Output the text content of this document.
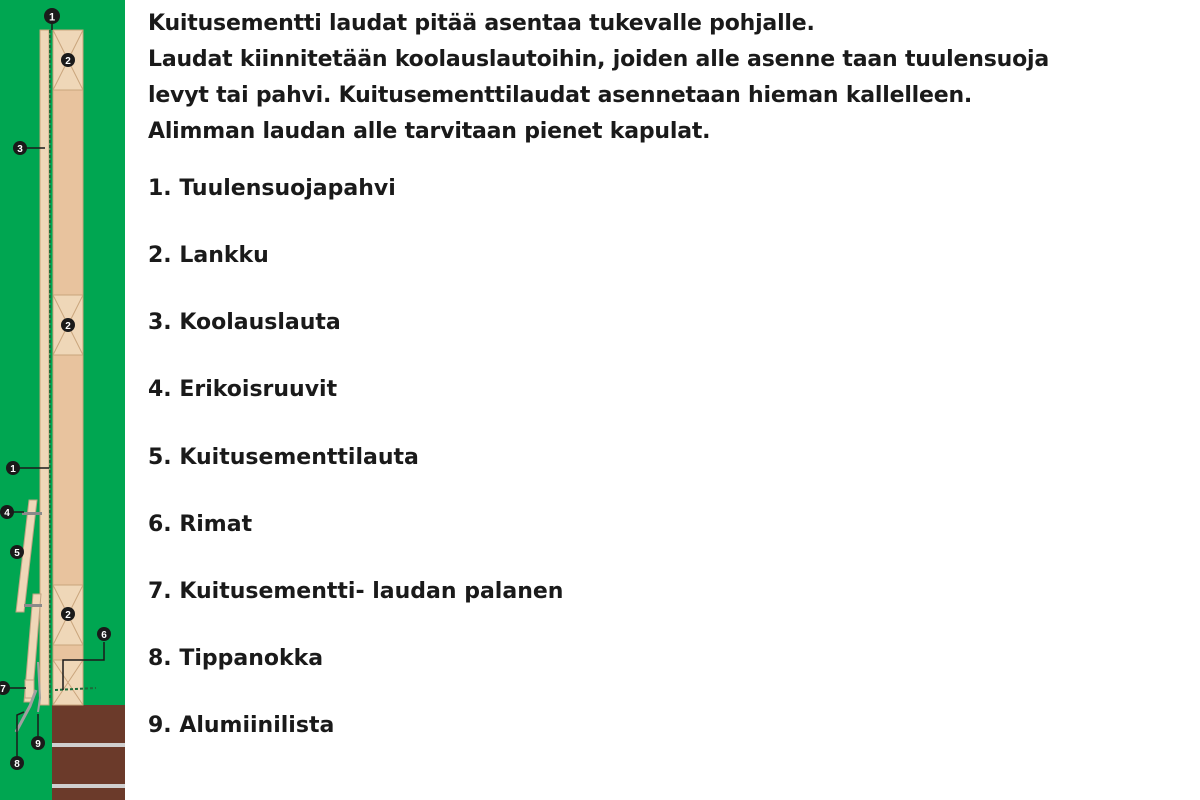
1
2
2
2
3
1
4
5
6
7
8
9
Kuitusementti laudat pitää asentaa tukevalle pohjalle.
Laudat kiinnitetään koolauslautoihin, joiden alle asenne taan tuulensuoja
levyt tai pahvi. Kuitusementtilaudat asennetaan hieman kallelleen.
Alimman laudan alle tarvitaan pienet kapulat.
1. Tuulensuojapahvi
2. Lankku
3. Koolauslauta
4. Erikoisruuvit
5. Kuitusementtilauta
6. Rimat
7. Kuitusementti- laudan palanen
8. Tippanokka
9. Alumiinilista
